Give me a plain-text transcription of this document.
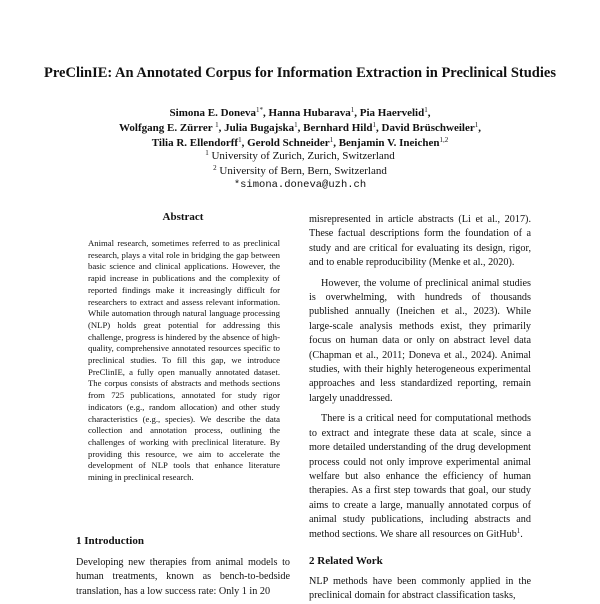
PreClinIE: An Annotated Corpus for Information Extraction in Preclinical Studies
Simona E. Doneva$^{1*}$, Hanna Hubarava$^1$, Pia Haervelid$^1$,
Wolfgang E. Zürrer $^1$, Julia Bugajska$^1$, Bernhard Hild$^1$, David Brüschweiler$^1$,
Tilia R. Ellendorff$^1$, Gerold Schneider$^1$, Benjamin V. Ineichen$^{1,2}$
$^1$ University of Zurich, Zurich, Switzerland
$^2$ University of Bern, Bern, Switzerland
*simona.doneva@uzh.ch
Abstract
Animal research, sometimes referred to as preclinical research, plays a vital role in bridging the gap between basic science and clinical applications. However, the rapid increase in publications and the complexity of reported findings make it increasingly difficult for researchers to extract and assess relevant information. While automation through natural language processing (NLP) holds great potential for addressing this challenge, progress is hindered by the absence of high-quality, comprehensive annotated resources specific to preclinical studies. To fill this gap, we introduce PreClinIE, a fully open manually annotated dataset. The corpus consists of abstracts and methods sections from 725 publications, annotated for study rigor indicators (e.g., random allocation) and other study characteristics (e.g., species). We describe the data collection and annotation process, outlining the challenges of working with preclinical literature. By providing this resource, we aim to accelerate the development of NLP tools that enhance literature mining in preclinical research.
1 Introduction

Developing new therapies from animal models to human treatments, known as bench-to-bedside translation, has a low success rate: Only 1 in 20

misrepresented in article abstracts (Li et al., 2017). These factual descriptions form the foundation of a study and are critical for evaluating its design, rigor, and to enable reproducibility (Menke et al., 2020).

However, the volume of preclinical animal studies is overwhelming, with hundreds of thousands published annually (Ineichen et al., 2023). While large-scale analysis methods exist, they primarily focus on human data or only on abstract level data (Chapman et al., 2011; Doneva et al., 2024). Animal studies, with their highly heterogeneous experimental approaches and less standardized reporting, remain largely unaddressed.

There is a critical need for computational methods to extract and integrate these data at scale, since a more detailed understanding of the drug development process could not only improve experimental animal welfare but also enhance the efficiency of human therapies. As a first step towards that goal, our study aims to create a large, manually annotated corpus of animal study publications, including abstracts and method sections. We share all resources on GitHub$^1$.

2 Related Work

NLP methods have been commonly applied in the preclinical domain for abstract classification tasks,
